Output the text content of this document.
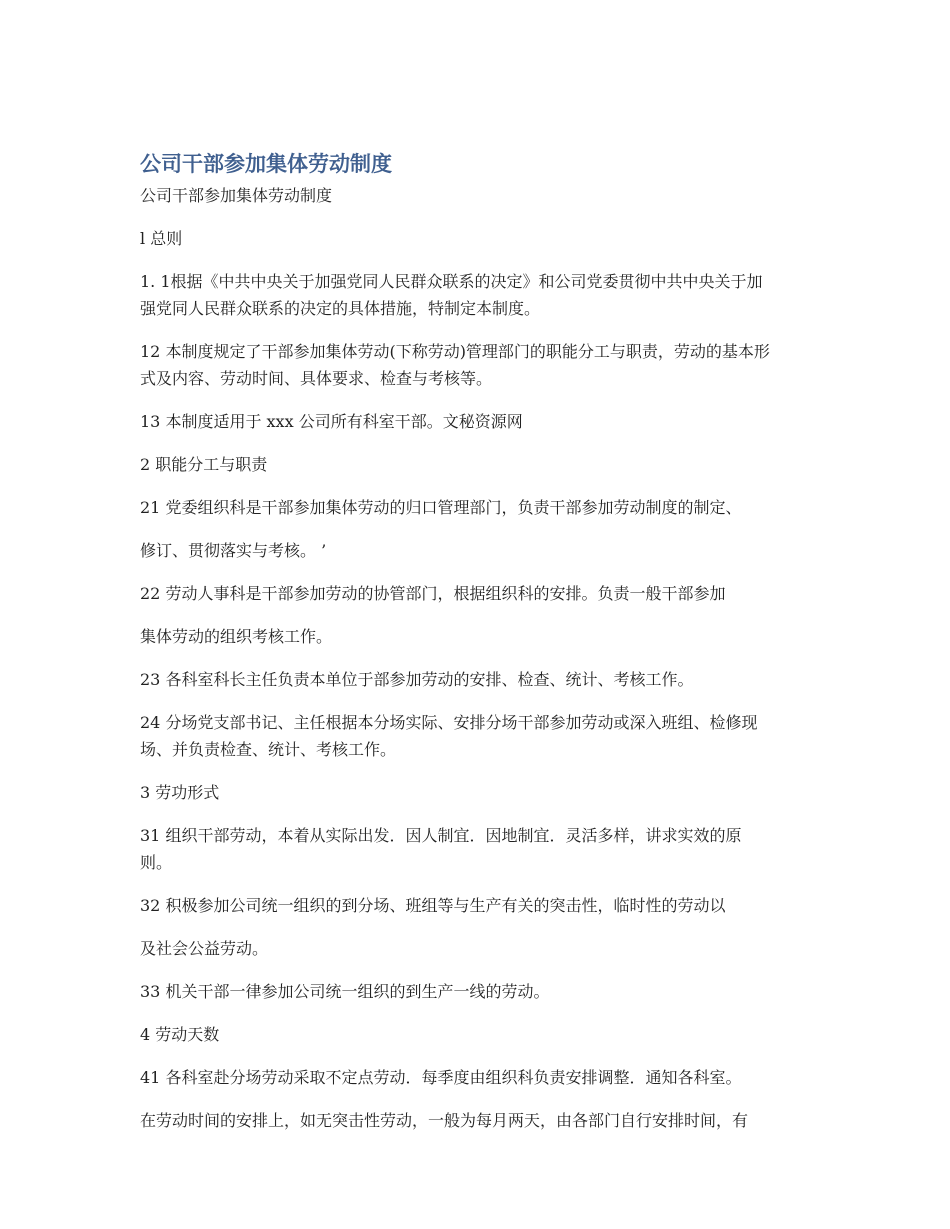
公司干部参加集体劳动制度
公司干部参加集体劳动制度
l 总则
1. 1根据《中共中央关于加强党同人民群众联系的决定》和公司党委贯彻中共中央关于加
强党同人民群众联系的决定的具体措施，特制定本制度。
12 本制度规定了干部参加集体劳动(下称劳动)管理部门的职能分工与职责，劳动的基本形
式及内容、劳动时间、具体要求、检查与考核等。
13 本制度适用于 xxx 公司所有科室干部。文秘资源网
2 职能分工与职责
21 党委组织科是干部参加集体劳动的归口管理部门，负责干部参加劳动制度的制定、
修订、贯彻落实与考核。 ’
22 劳动人事科是干部参加劳动的协管部门，根据组织科的安排。负责一般干部参加
集体劳动的组织考核工作。
23 各科室科长主任负责本单位于部参加劳动的安排、检查、统计、考核工作。
24 分场党支部书记、主任根据本分场实际、安排分场干部参加劳动或深入班组、检修现
场、并负责检查、统计、考核工作。
3 劳功形式
31 组织干部劳动，本着从实际出发．因人制宜．因地制宜．灵活多样，讲求实效的原
则。
32 积极参加公司统一组织的到分场、班组等与生产有关的突击性，临时性的劳动以
及社会公益劳动。
33 机关干部一律参加公司统一组织的到生产一线的劳动。
4 劳动天数
41 各科室赴分场劳动采取不定点劳动．每季度由组织科负责安排调整．通知各科室。
在劳动时间的安排上，如无突击性劳动，一般为每月两天，由各部门自行安排时间，有
